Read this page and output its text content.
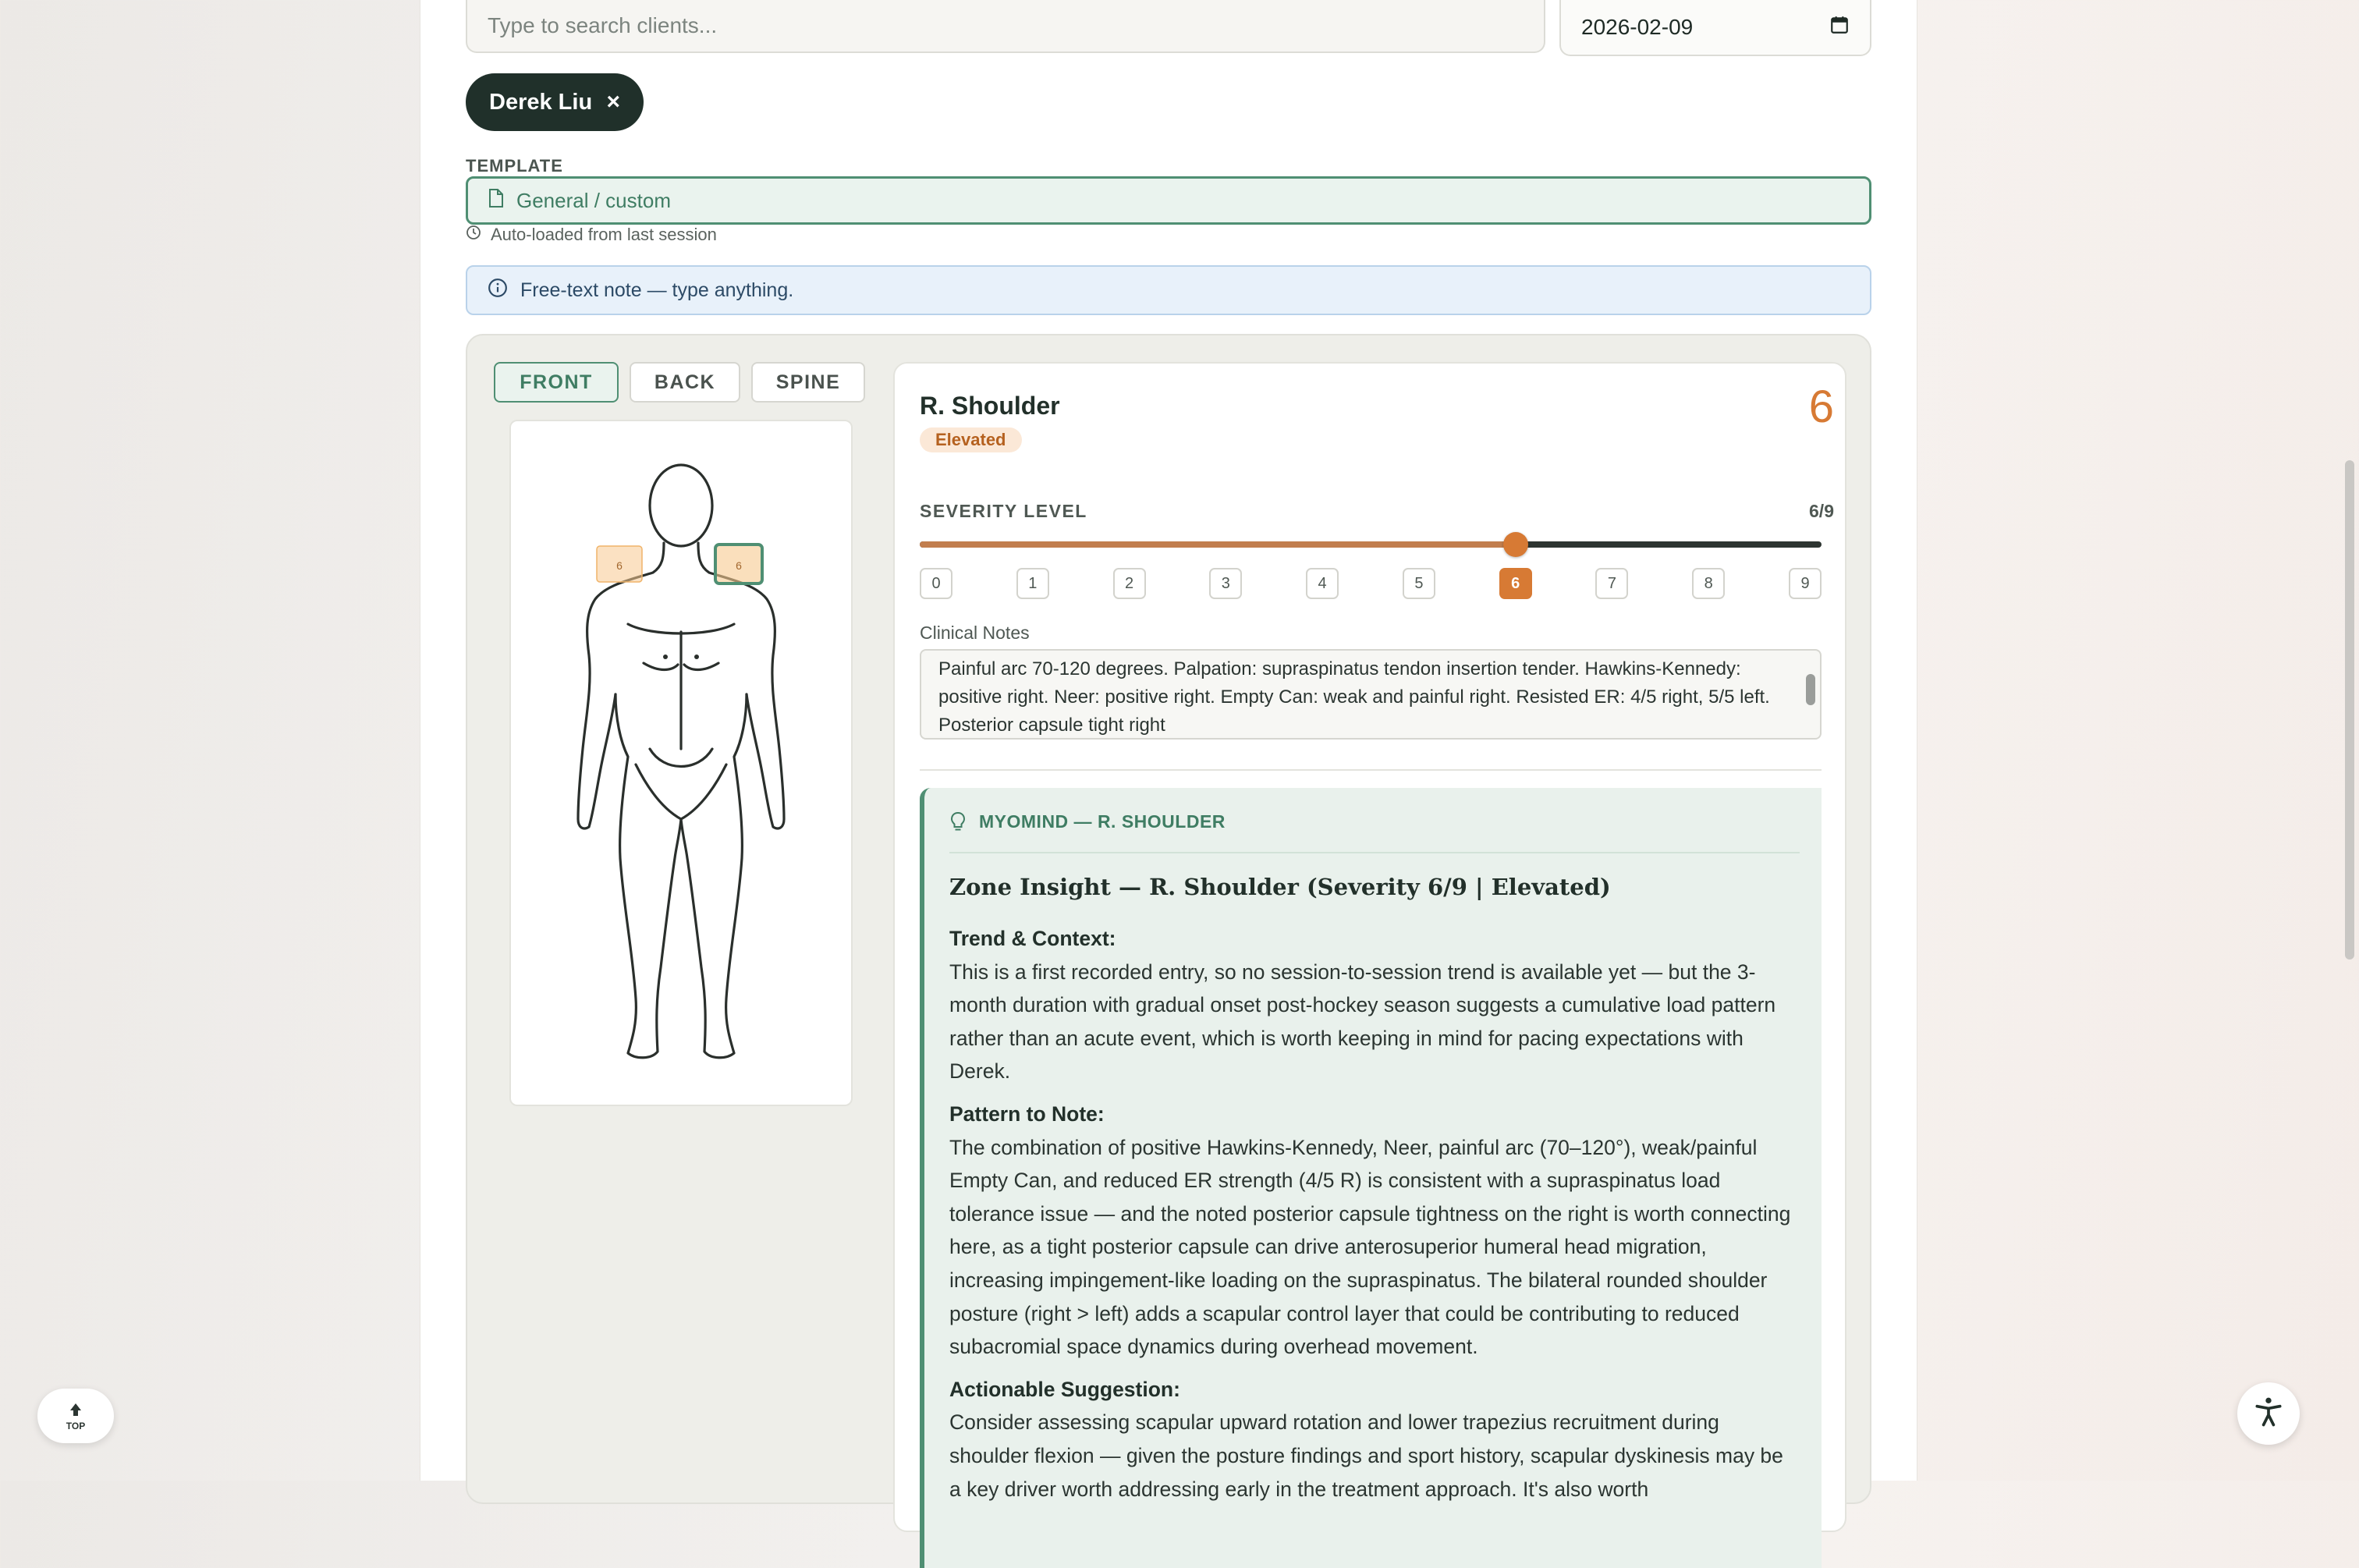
Type to search clients...	2026-02-09
Derek Liu ×
TEMPLATE
General / custom
Auto-loaded from last session
Free-text note — type anything.
FRONT	BACK	SPINE
6	6
R. Shoulder	6
Elevated
SEVERITY LEVEL	6/9
0	1	2	3	4	5	6	7	8	9
Clinical Notes
Painful arc 70-120 degrees. Palpation: supraspinatus tendon insertion tender. Hawkins-Kennedy: positive right. Neer: positive right. Empty Can: weak and painful right. Resisted ER: 4/5 right, 5/5 left. Posterior capsule tight right
MYOMIND — R. SHOULDER
Zone Insight — R. Shoulder (Severity 6/9 | Elevated)
Trend & Context:

This is a first recorded entry, so no session-to-session trend is available yet — but the 3-month duration with gradual onset post-hockey season suggests a cumulative load pattern rather than an acute event, which is worth keeping in mind for pacing expectations with Derek.

Pattern to Note:

The combination of positive Hawkins-Kennedy, Neer, painful arc (70–120°), weak/painful Empty Can, and reduced ER strength (4/5 R) is consistent with a supraspinatus load tolerance issue — and the noted posterior capsule tightness on the right is worth connecting here, as a tight posterior capsule can drive anterosuperior humeral head migration, increasing impingement-like loading on the supraspinatus. The bilateral rounded shoulder posture (right > left) adds a scapular control layer that could be contributing to reduced subacromial space dynamics during overhead movement.

Actionable Suggestion:

Consider assessing scapular upward rotation and lower trapezius recruitment during shoulder flexion — given the posture findings and sport history, scapular dyskinesis may be a key driver worth addressing early in the treatment approach. It's also worth

TOP
